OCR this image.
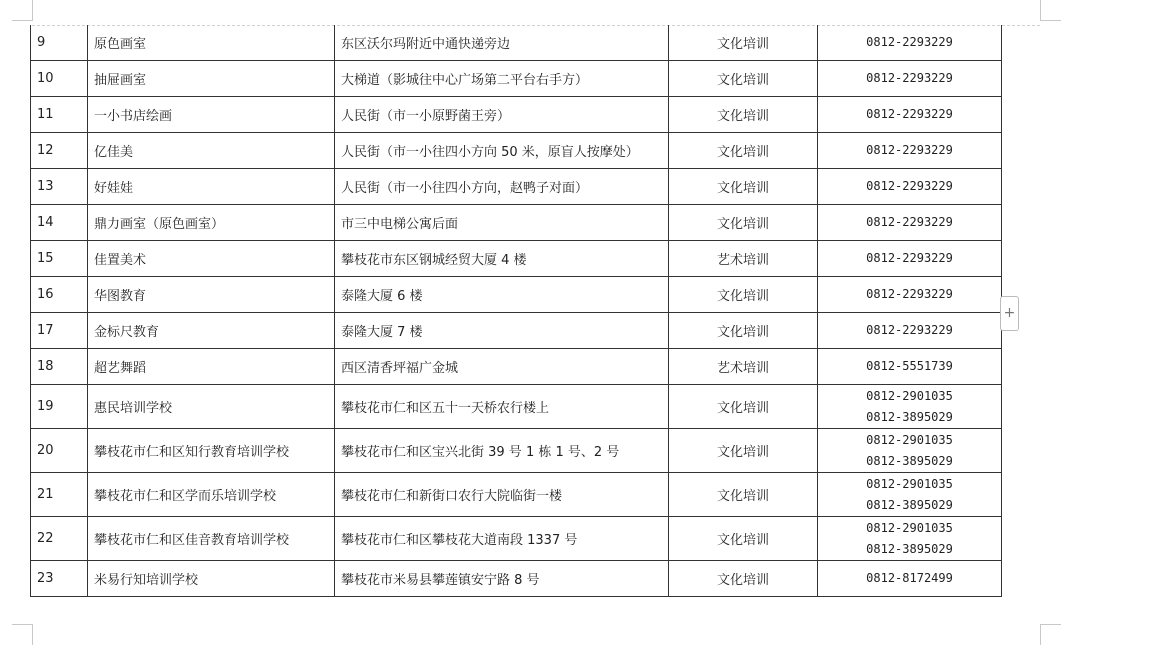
9	原色画室	东区沃尔玛附近中通快递旁边	文化培训	0812-2293229

10	抽屉画室	大梯道（影城往中心广场第二平台右手方）	文化培训	0812-2293229

11	一小书店绘画	人民街（市一小原野菌王旁）	文化培训	0812-2293229

12	亿佳美	人民街（市一小往四小方向 50 米，原盲人按摩处）	文化培训	0812-2293229

13	好娃娃	人民街（市一小往四小方向，赵鸭子对面）	文化培训	0812-2293229

14	鼎力画室（原色画室）	市三中电梯公寓后面	文化培训	0812-2293229

15	佳置美术	攀枝花市东区钢城经贸大厦 4 楼	艺术培训	0812-2293229

16	华图教育	泰隆大厦 6 楼	文化培训	0812-2293229

17	金标尺教育	泰隆大厦 7 楼	文化培训	0812-2293229

18	超艺舞蹈	西区清香坪福广金城	艺术培训	0812-5551739

19	惠民培训学校	攀枝花市仁和区五十一天桥农行楼上	文化培训	0812-2901035
0812-3895029

20	攀枝花市仁和区知行教育培训学校	攀枝花市仁和区宝兴北街 39 号 1 栋 1 号、2 号	文化培训	0812-2901035
0812-3895029

21	攀枝花市仁和区学而乐培训学校	攀枝花市仁和新街口农行大院临街一楼	文化培训	0812-2901035
0812-3895029

22	攀枝花市仁和区佳音教育培训学校	攀枝花市仁和区攀枝花大道南段 1337 号	文化培训	0812-2901035
0812-3895029

23	米易行知培训学校	攀枝花市米易县攀莲镇安宁路 8 号	文化培训	0812-8172499
+
